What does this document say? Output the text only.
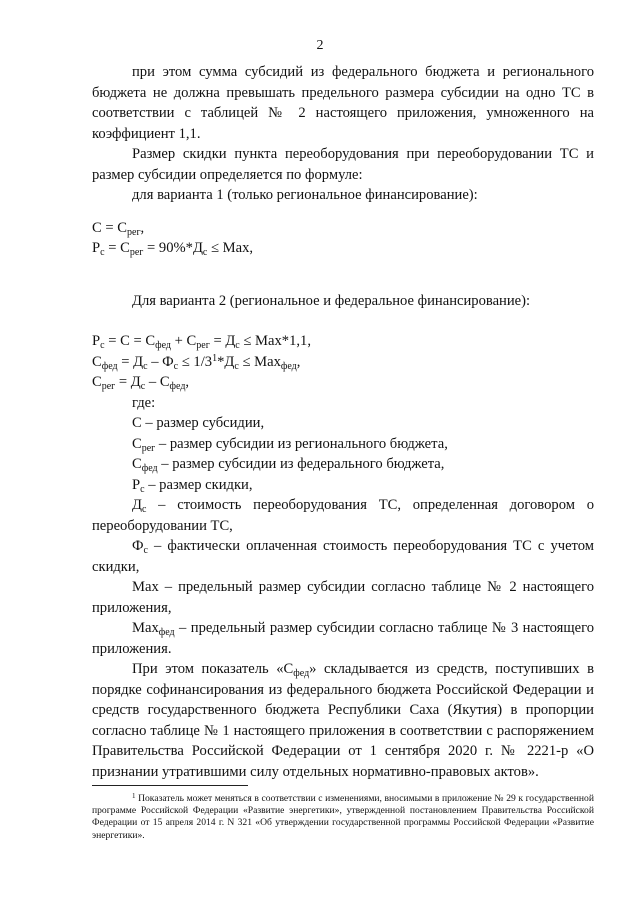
2

при этом сумма субсидий из федерального бюджета и регионального бюджета не должна превышать предельного размера субсидии на одно ТС в соответствии с таблицей № 2 настоящего приложения, умноженного на коэффициент 1,1.

Размер скидки пункта переоборудования при переоборудовании ТС и размер субсидии определяется по формуле:

для варианта 1 (только региональное финансирование):

$С = С_{рег}$,

$Р_с = С_{рег} = 90\%*Д_с$ ≤ Max,

Для варианта 2 (региональное и федеральное финансирование):

$Р_с = С = С_{фед} + С_{рег} = Д_с \le Max*1,1$,

$С_{фед} = Д_с - Ф_с \le 1/3^1*Д_с \le Max_{фед}$,

$С_{рег} = Д_с - С_{фед}$,

где:

С – размер субсидии,

$С_{рег}$ – размер субсидии из регионального бюджета,

$С_{фед}$ – размер субсидии из федерального бюджета,

$Р_с$ – размер скидки,

$Д_с$ – стоимость переоборудования ТС, определенная договором о переоборудовании ТС,

$Ф_с$ – фактически оплаченная стоимость переоборудования ТС с учетом скидки,

Max – предельный размер субсидии согласно таблице № 2 настоящего приложения,

Max$_{фед}$ – предельный размер субсидии согласно таблице № 3 настоящего приложения.

При этом показатель «$С_{фед}$» складывается из средств, поступивших в порядке софинансирования из федерального бюджета Российской Федерации и средств государственного бюджета Республики Саха (Якутия) в пропорции согласно таблице № 1 настоящего приложения в соответствии с распоряжением Правительства Российской Федерации от 1 сентября 2020 г. № 2221-р «О признании утратившими силу отдельных нормативно-правовых актов».

$^1$ Показатель может меняться в соответствии с изменениями, вносимыми в приложение № 29 к государственной программе Российской Федерации «Развитие энергетики», утвержденной постановлением Правительства Российской Федерации от 15 апреля 2014 г. N 321 «Об утверждении государственной программы Российской Федерации «Развитие энергетики».
